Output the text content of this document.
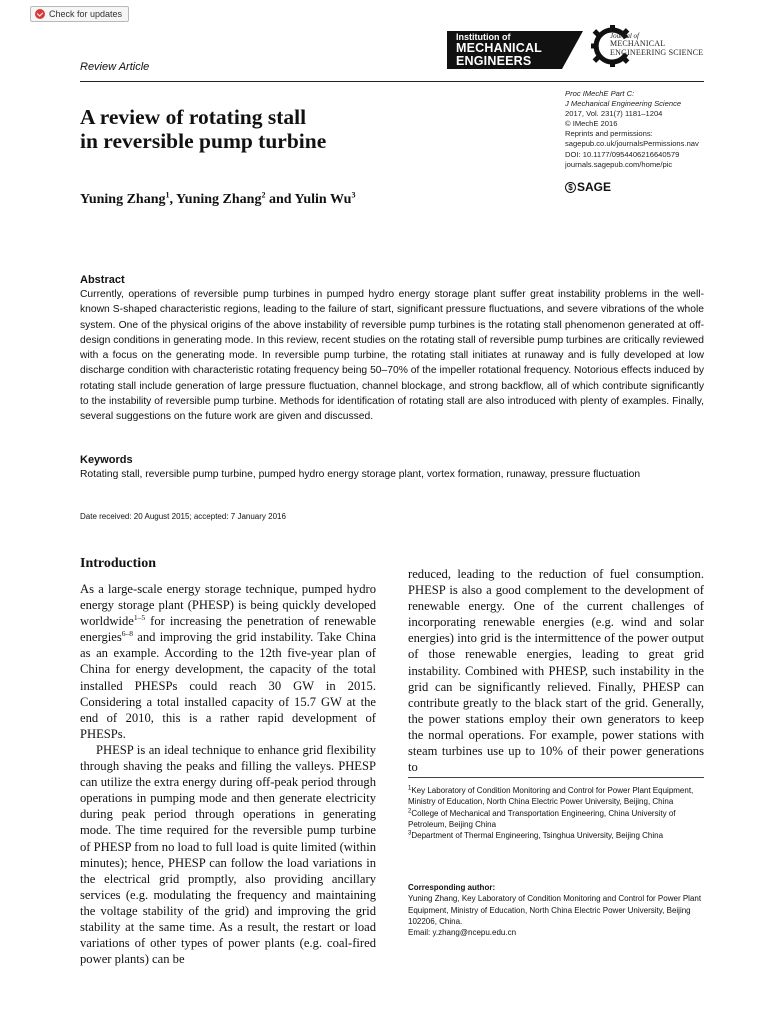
Check for updates
Review Article
Institution of
MECHANICAL
ENGINEERS
Journal of
MECHANICAL
ENGINEERING SCIENCE
A review of rotating stall
in reversible pump turbine
Proc IMechE Part C:
J Mechanical Engineering Science
2017, Vol. 231(7) 1181–1204
© IMechE 2016
Reprints and permissions:
sagepub.co.uk/journalsPermissions.nav
DOI: 10.1177/0954406216640579
journals.sagepub.com/home/pic
$ SAGE
Yuning Zhang$^1$, Yuning Zhang$^2$ and Yulin Wu$^3$
Abstract

Currently, operations of reversible pump turbines in pumped hydro energy storage plant suffer great instability problems in the well-known S-shaped characteristic regions, leading to the failure of start, significant pressure fluctuations, and severe vibrations of the whole system. One of the physical origins of the above instability of reversible pump turbines is the rotating stall phenomenon generated at off-design conditions in generating mode. In this review, recent studies on the rotating stall of reversible pump turbines are critically reviewed with a focus on the generating mode. In reversible pump turbine, the rotating stall initiates at runaway and is fully developed at low discharge condition with characteristic rotating frequency being 50–70% of the impeller rotational frequency. Notorious effects induced by rotating stall include generation of large pressure fluctuation, channel blockage, and strong backflow, all of which contribute significantly to the instability of reversible pump turbine. Methods for identification of rotating stall are also introduced with plenty of examples. Finally, several suggestions on the future work are given and discussed.

Keywords

Rotating stall, reversible pump turbine, pumped hydro energy storage plant, vortex formation, runaway, pressure fluctuation

Date received: 20 August 2015; accepted: 7 January 2016
Introduction

As a large-scale energy storage technique, pumped hydro energy storage plant (PHESP) is being quickly developed worldwide$^{1-5}$ for increasing the penetration of renewable energies$^{6-8}$ and improving the grid instability. Take China as an example. According to the 12th five-year plan of China for energy development, the capacity of the total installed PHESPs could reach 30 GW in 2015. Considering a total installed capacity of 15.7 GW at the end of 2010, this is a rather rapid development of PHESPs.

PHESP is an ideal technique to enhance grid flexibility through shaving the peaks and filling the valleys. PHESP can utilize the extra energy during off-peak period through operations in pumping mode and then generate electricity during peak period through operations in generating mode. The time required for the reversible pump turbine of PHESP from no load to full load is quite limited (within minutes); hence, PHESP can follow the load variations in the electrical grid promptly, also providing ancillary services (e.g. modulating the frequency and maintaining the voltage stability of the grid) and improving the grid stability at the same time. As a result, the restart or load variations of other types of power plants (e.g. coal-fired power plants) can be

reduced, leading to the reduction of fuel consumption. PHESP is also a good complement to the development of renewable energy. One of the current challenges of incorporating renewable energies (e.g. wind and solar energies) into grid is the intermittence of the power output of those renewable energies, leading to great grid instability. Combined with PHESP, such instability in the grid can be significantly relieved. Finally, PHESP can contribute greatly to the black start of the grid. Generally, the power stations employ their own generators to keep the normal operations. For example, power stations with steam turbines use up to 10% of their power generations to

$^1$Key Laboratory of Condition Monitoring and Control for Power Plant Equipment, Ministry of Education, North China Electric Power University, Beijing, China
$^2$College of Mechanical and Transportation Engineering, China University of Petroleum, Beijing China
$^3$Department of Thermal Engineering, Tsinghua University, Beijing China
Corresponding author:
Yuning Zhang, Key Laboratory of Condition Monitoring and Control for Power Plant Equipment, Ministry of Education, North China Electric Power University, Beijing 102206, China.
Email: y.zhang@ncepu.edu.cn
